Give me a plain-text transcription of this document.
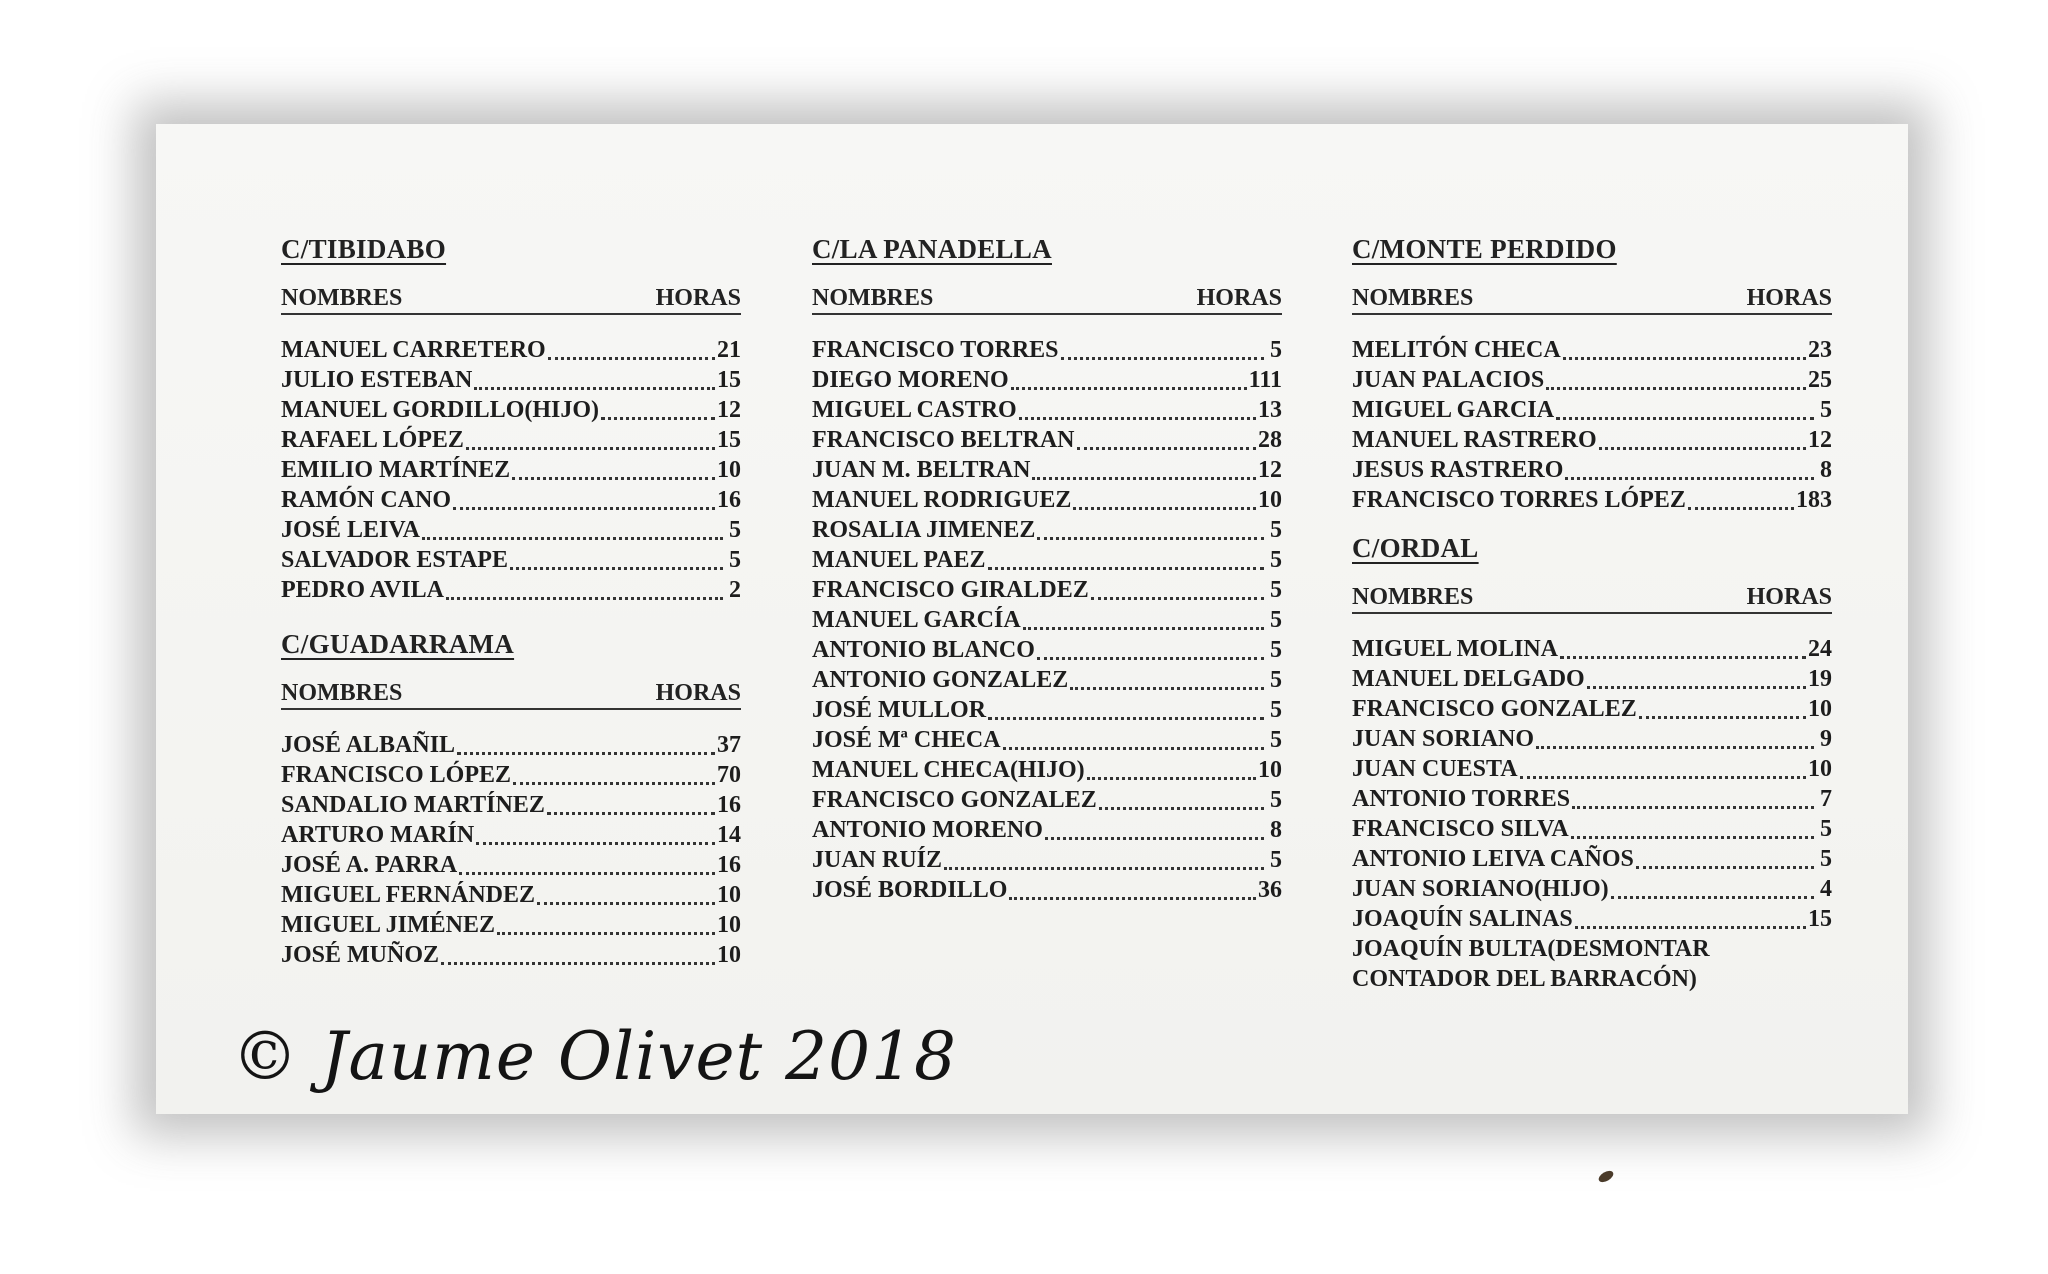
C/TIBIDABO
NOMBRES	HORAS
MANUEL CARRETERO	21
JULIO ESTEBAN	15
MANUEL GORDILLO(HIJO)	12
RAFAEL LÓPEZ	15
EMILIO MARTÍNEZ	10
RAMÓN CANO	16
JOSÉ LEIVA	5
SALVADOR ESTAPE	5
PEDRO AVILA	2
C/GUADARRAMA
NOMBRES	HORAS
JOSÉ ALBAÑIL	37
FRANCISCO LÓPEZ	70
SANDALIO MARTÍNEZ	16
ARTURO MARÍN	14
JOSÉ A. PARRA	16
MIGUEL FERNÁNDEZ	10
MIGUEL JIMÉNEZ	10
JOSÉ MUÑOZ	10
C/LA PANADELLA
NOMBRES	HORAS
FRANCISCO TORRES	5
DIEGO MORENO	111
MIGUEL CASTRO	13
FRANCISCO BELTRAN	28
JUAN M. BELTRAN	12
MANUEL RODRIGUEZ	10
ROSALIA JIMENEZ	5
MANUEL PAEZ	5
FRANCISCO GIRALDEZ	5
MANUEL GARCÍA	5
ANTONIO BLANCO	5
ANTONIO GONZALEZ	5
JOSÉ MULLOR	5
JOSÉ Mª CHECA	5
MANUEL CHECA(HIJO)	10
FRANCISCO GONZALEZ	5
ANTONIO MORENO	8
JUAN RUÍZ	5
JOSÉ BORDILLO	36
C/MONTE PERDIDO
NOMBRES	HORAS
MELITÓN CHECA	23
JUAN PALACIOS	25
MIGUEL GARCIA	5
MANUEL RASTRERO	12
JESUS RASTRERO	8
FRANCISCO TORRES LÓPEZ	183
C/ORDAL
NOMBRES	HORAS
MIGUEL MOLINA	24
MANUEL DELGADO	19
FRANCISCO GONZALEZ	10
JUAN SORIANO	9
JUAN CUESTA	10
ANTONIO TORRES	7
FRANCISCO SILVA	5
ANTONIO LEIVA CAÑOS	5
JUAN SORIANO(HIJO)	4
JOAQUÍN SALINAS	15
JOAQUÍN BULTA(DESMONTAR
CONTADOR DEL BARRACÓN)
© Jaume Olivet 2018
